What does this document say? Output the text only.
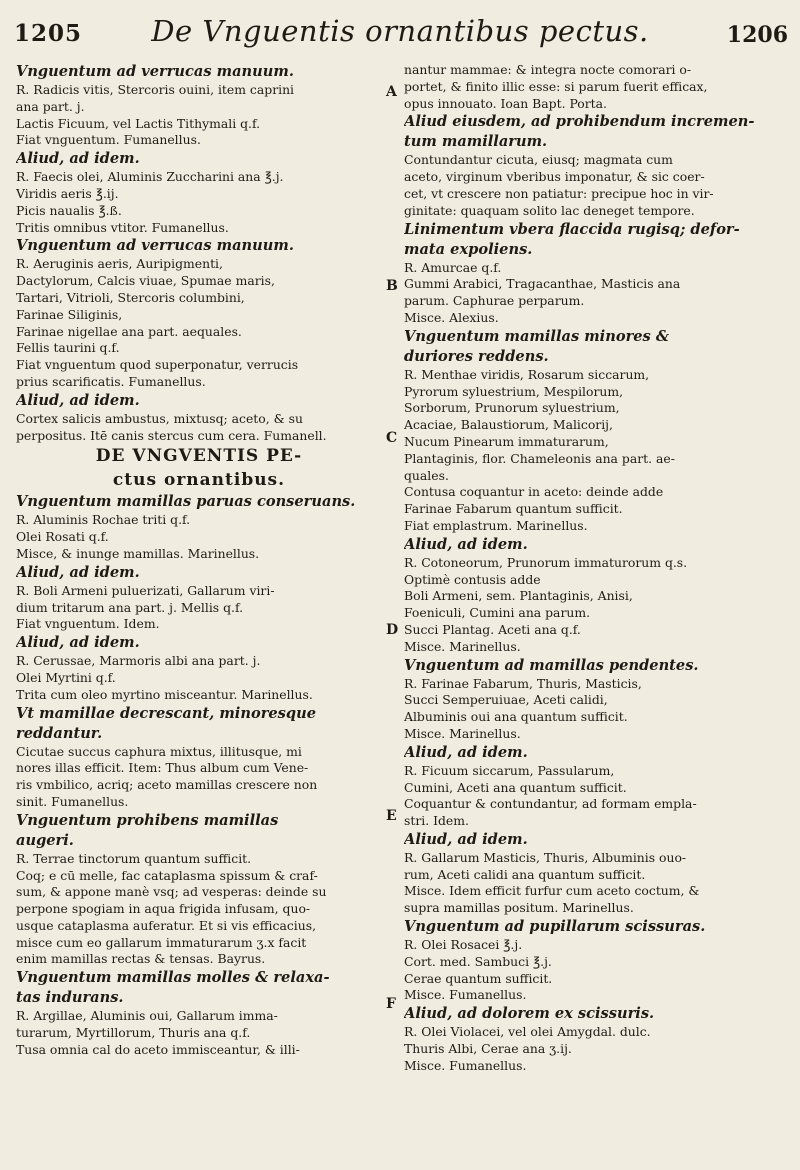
1205	De Vnguentis ornantibus pectus.	1206
A
B
C
D
E
F
Vnguentum ad verrucas manuum.
R. Radicis vitis, Stercoris ouini, item caprini
ana part. j.
Lactis Ficuum, vel Lactis Tithymali q.f.
Fiat vnguentum. Fumanellus.
Aliud, ad idem.
R. Faecis olei, Aluminis Zuccharini ana ℥.j.
Viridis aeris ℥.ij.
Picis naualis ℥.ß.
Tritis omnibus vtitor. Fumanellus.
Vnguentum ad verrucas manuum.
R. Aeruginis aeris, Auripigmenti,
Dactylorum, Calcis viuae, Spumae maris,
Tartari, Vitrioli, Stercoris columbini,
Farinae Siliginis,
Farinae nigellae ana part. aequales.
Fellis taurini q.f.
Fiat vnguentum quod superponatur, verrucis
prius scarificatis. Fumanellus.
Aliud, ad idem.
Cortex salicis ambustus, mixtusq; aceto, & su
perpositus. Itē canis stercus cum cera. Fumanell.
DE VNGVENTIS PE-
ctus ornantibus.
Vnguentum mamillas paruas conseruans.
R. Aluminis Rochae triti q.f.
Olei Rosati q.f.
Misce, & inunge mamillas. Marinellus.
Aliud, ad idem.
R. Boli Armeni puluerizati, Gallarum viri-
dium tritarum ana part. j. Mellis q.f.
Fiat vnguentum. Idem.
Aliud, ad idem.
R. Cerussae, Marmoris albi ana part. j.
Olei Myrtini q.f.
Trita cum oleo myrtino misceantur. Marinellus.
Vt mamillae decrescant, minoresque
reddantur.
Cicutae succus caphura mixtus, illitusque, mi
nores illas efficit. Item: Thus album cum Vene-
ris vmbilico, acriq; aceto mamillas crescere non
sinit. Fumanellus.
Vnguentum prohibens mamillas
augeri.
R. Terrae tinctorum quantum sufficit.
Coq; e cū melle, fac cataplasma spissum & craf-
sum, & appone manè vsq; ad vesperas: deinde su
perpone spogiam in aqua frigida infusam, quo-
usque cataplasma auferatur. Et si vis efficacius,
misce cum eo gallarum immaturarum ʒ.x facit
enim mamillas rectas & tensas. Bayrus.
Vnguentum mamillas molles & relaxa-
tas indurans.
R. Argillae, Aluminis oui, Gallarum imma-
turarum, Myrtillorum, Thuris ana q.f.
Tusa omnia cal do aceto immisceantur, & illi-
nantur mammae: & integra nocte comorari o-
portet, & finito illic esse: si parum fuerit efficax,
opus innouato. Ioan Bapt. Porta.
Aliud eiusdem, ad prohibendum incremen-
tum mamillarum.
Contundantur cicuta, eiusq; magmata cum
aceto, virginum vberibus imponatur, & sic coer-
cet, vt crescere non patiatur: precipue hoc in vir-
ginitate: quaquam solito lac deneget tempore.
Linimentum vbera flaccida rugisq; defor-
mata expoliens.
R. Amurcae q.f.
Gummi Arabici, Tragacanthae, Masticis ana
parum. Caphurae perparum.
Misce. Alexius.
Vnguentum mamillas minores &
duriores reddens.
R. Menthae viridis, Rosarum siccarum,
Pyrorum syluestrium, Mespilorum,
Sorborum, Prunorum syluestrium,
Acaciae, Balaustiorum, Malicorij,
Nucum Pinearum immaturarum,
Plantaginis, flor. Chameleonis ana part. ae-
quales.
Contusa coquantur in aceto: deinde adde
Farinae Fabarum quantum sufficit.
Fiat emplastrum. Marinellus.
Aliud, ad idem.
R. Cotoneorum, Prunorum immaturorum q.s.
Optimè contusis adde
Boli Armeni, sem. Plantaginis, Anisi,
Foeniculi, Cumini ana parum.
Succi Plantag. Aceti ana q.f.
Misce. Marinellus.
Vnguentum ad mamillas pendentes.
R. Farinae Fabarum, Thuris, Masticis,
Succi Semperuiuae, Aceti calidi,
Albuminis oui ana quantum sufficit.
Misce. Marinellus.
Aliud, ad idem.
R. Ficuum siccarum, Passularum,
Cumini, Aceti ana quantum sufficit.
Coquantur & contundantur, ad formam empla-
stri. Idem.
Aliud, ad idem.
R. Gallarum Masticis, Thuris, Albuminis ouo-
rum, Aceti calidi ana quantum sufficit.
Misce. Idem efficit furfur cum aceto coctum, &
supra mamillas positum. Marinellus.
Vnguentum ad pupillarum scissuras.
R. Olei Rosacei ℥.j.
Cort. med. Sambuci ℥.j.
Cerae quantum sufficit.
Misce. Fumanellus.
Aliud, ad dolorem ex scissuris.
R. Olei Violacei, vel olei Amygdal. dulc.
Thuris Albi, Cerae ana ʒ.ij.
Misce. Fumanellus.
